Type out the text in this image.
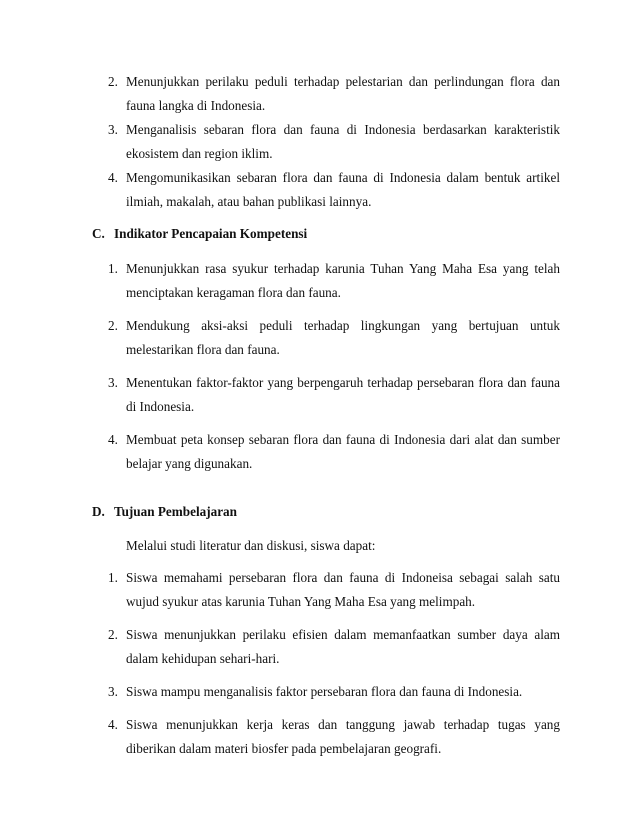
2. Menunjukkan perilaku peduli terhadap pelestarian dan perlindungan flora dan fauna langka di Indonesia.
3. Menganalisis sebaran flora dan fauna di Indonesia berdasarkan karakteristik ekosistem dan region iklim.
4. Mengomunikasikan sebaran flora dan fauna di Indonesia dalam bentuk artikel ilmiah, makalah, atau bahan publikasi lainnya.
C. Indikator Pencapaian Kompetensi
1. Menunjukkan rasa syukur terhadap karunia Tuhan Yang Maha Esa yang telah menciptakan keragaman flora dan fauna.
2. Mendukung aksi-aksi peduli terhadap lingkungan yang bertujuan untuk melestarikan flora dan fauna.
3. Menentukan faktor-faktor yang berpengaruh terhadap persebaran flora dan fauna di Indonesia.
4. Membuat peta konsep sebaran flora dan fauna di Indonesia dari alat dan sumber belajar yang digunakan.
D. Tujuan Pembelajaran
Melalui studi literatur dan diskusi, siswa dapat:
1. Siswa memahami persebaran flora dan fauna di Indoneisa sebagai salah satu wujud syukur atas karunia Tuhan Yang Maha Esa yang melimpah.
2. Siswa menunjukkan perilaku efisien dalam memanfaatkan sumber daya alam dalam kehidupan sehari-hari.
3. Siswa mampu menganalisis faktor persebaran flora dan fauna di Indonesia.
4. Siswa menunjukkan kerja keras dan tanggung jawab terhadap tugas yang diberikan dalam materi biosfer pada pembelajaran geografi.
